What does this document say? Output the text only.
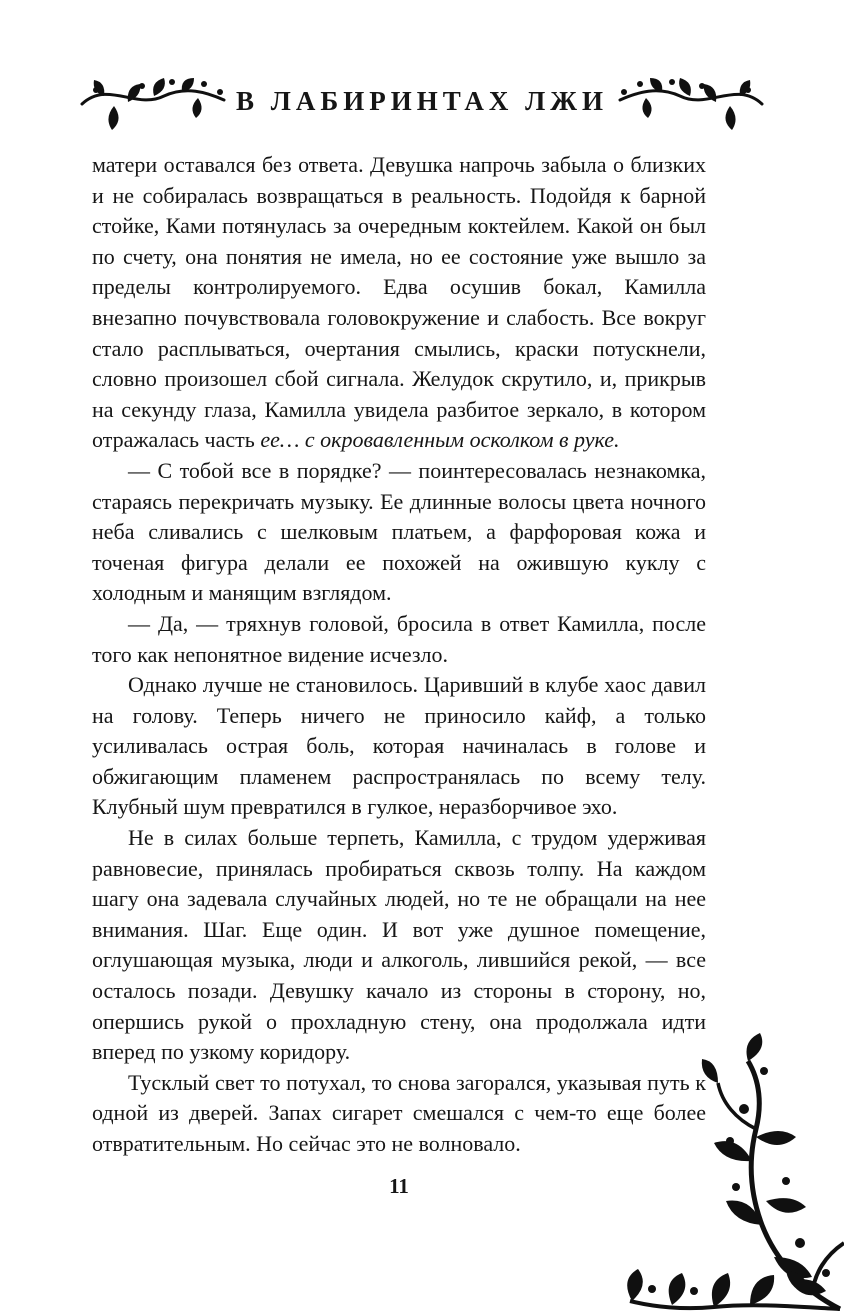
В ЛАБИРИНТАХ ЛЖИ

матери оставался без ответа. Девушка напрочь забыла о близких и не собиралась возвращаться в реальность. Подойдя к барной стойке, Ками потянулась за очередным коктейлем. Какой он был по счету, она понятия не имела, но ее состояние уже вышло за пределы контролируемого. Едва осушив бокал, Камилла внезапно почувствовала головокружение и слабость. Все вокруг стало расплываться, очертания смылись, краски потускнели, словно произошел сбой сигнала. Желудок скрутило, и, прикрыв на секунду глаза, Камилла увидела разбитое зеркало, в котором отражалась часть ее… с окровавленным осколком в руке.

— С тобой все в порядке? — поинтересовалась незнакомка, стараясь перекричать музыку. Ее длинные волосы цвета ночного неба сливались с шелковым платьем, а фарфоровая кожа и точеная фигура делали ее похожей на ожившую куклу с холодным и манящим взглядом.

— Да, — тряхнув головой, бросила в ответ Камилла, после того как непонятное видение исчезло.

Однако лучше не становилось. Царивший в клубе хаос давил на голову. Теперь ничего не приносило кайф, а только усиливалась острая боль, которая начиналась в голове и обжигающим пламенем распространялась по всему телу. Клубный шум превратился в гулкое, неразборчивое эхо.

Не в силах больше терпеть, Камилла, с трудом удерживая равновесие, принялась пробираться сквозь толпу. На каждом шагу она задевала случайных людей, но те не обращали на нее внимания. Шаг. Еще один. И вот уже душное помещение, оглушающая музыка, люди и алкоголь, лившийся рекой, — все осталось позади. Девушку качало из стороны в сторону, но, опершись рукой о прохладную стену, она продолжала идти вперед по узкому коридору.

Тусклый свет то потухал, то снова загорался, указывая путь к одной из дверей. Запах сигарет смешался с чем-то еще более отвратительным. Но сейчас это не волновало.

11
